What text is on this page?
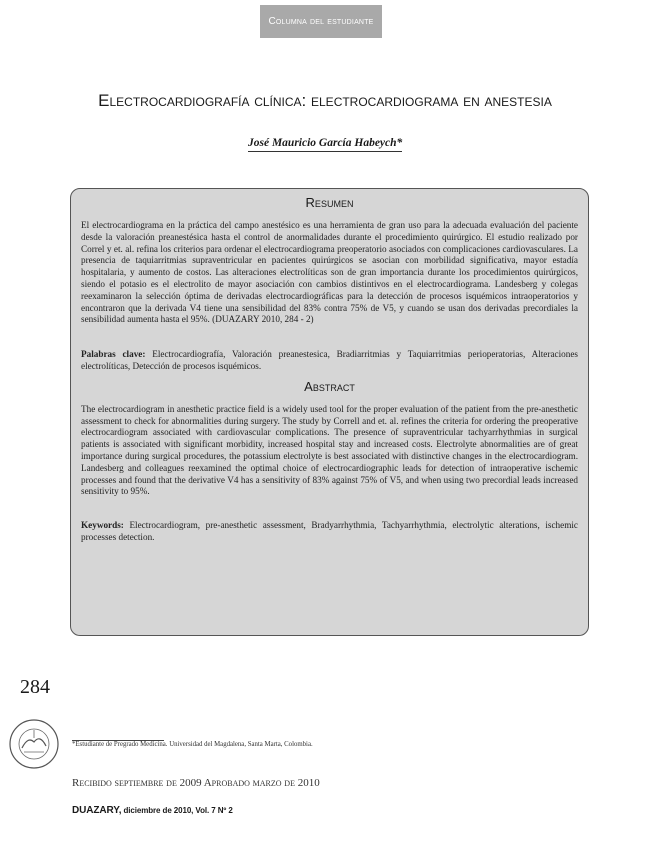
Columna del estudiante
Electrocardiografía clínica: electrocardiograma en anestesia
José Mauricio García Habeych*
Resumen

El electrocardiograma en la práctica del campo anestésico es una herramienta de gran uso para la adecuada evaluación del paciente desde la valoración preanestésica hasta el control de anormalidades durante el procedimiento quirúrgico. El estudio realizado por Correl y et. al. refina los criterios para ordenar el electrocardiograma preoperatorio asociados con complicaciones cardiovasculares. La presencia de taquiarritmias supraventricular en pacientes quirúrgicos se asocian con morbilidad significativa, mayor estadía hospitalaria, y aumento de costos. Las alteraciones electrolíticas son de gran importancia durante los procedimientos quirúrgicos, siendo el potasio es el electrolito de mayor asociación con cambios distintivos en el electrocardiograma. Landesberg y colegas reexaminaron la selección óptima de derivadas electrocardiográficas para la detección de procesos isquémicos intraoperatorios y encontraron que la derivada V4 tiene una sensibilidad del 83% contra 75% de V5, y cuando se usan dos derivadas precordiales la sensibilidad aumenta hasta el 95%. (DUAZARY 2010, 284 - 2)

Palabras clave: Electrocardiografía, Valoración preanestesica, Bradiarritmias y Taquiarritmias perioperatorias, Alteraciones electrolíticas, Detección de procesos isquémicos.

Abstract

The electrocardiogram in anesthetic practice field is a widely used tool for the proper evaluation of the patient from the pre-anesthetic assessment to check for abnormalities during surgery. The study by Correll and et. al. refines the criteria for ordering the preoperative electrocardiogram associated with cardiovascular complications. The presence of supraventricular tachyarrhythmias in surgical patients is associated with significant morbidity, increased hospital stay and increased costs. Electrolyte abnormalities are of great importance during surgical procedures, the potassium electrolyte is best associated with distinctive changes in the electrocardiogram. Landesberg and colleagues reexamined the optimal choice of electrocardiographic leads for detection of intraoperative ischemic processes and found that the derivative V4 has a sensitivity of 83% against 75% of V5, and when using two precordial leads increased sensitivity to 95%.

Keywords: Electrocardiogram, pre-anesthetic assessment, Bradyarrhythmia, Tachyarrhythmia, electrolytic alterations, ischemic processes detection.

284
*Estudiante de Pregrado Medicina. Universidad del Magdalena, Santa Marta, Colombia.
Recibido septiembre de 2009 Aprobado marzo de 2010
DUAZARY, diciembre de 2010, Vol. 7 Nº 2
